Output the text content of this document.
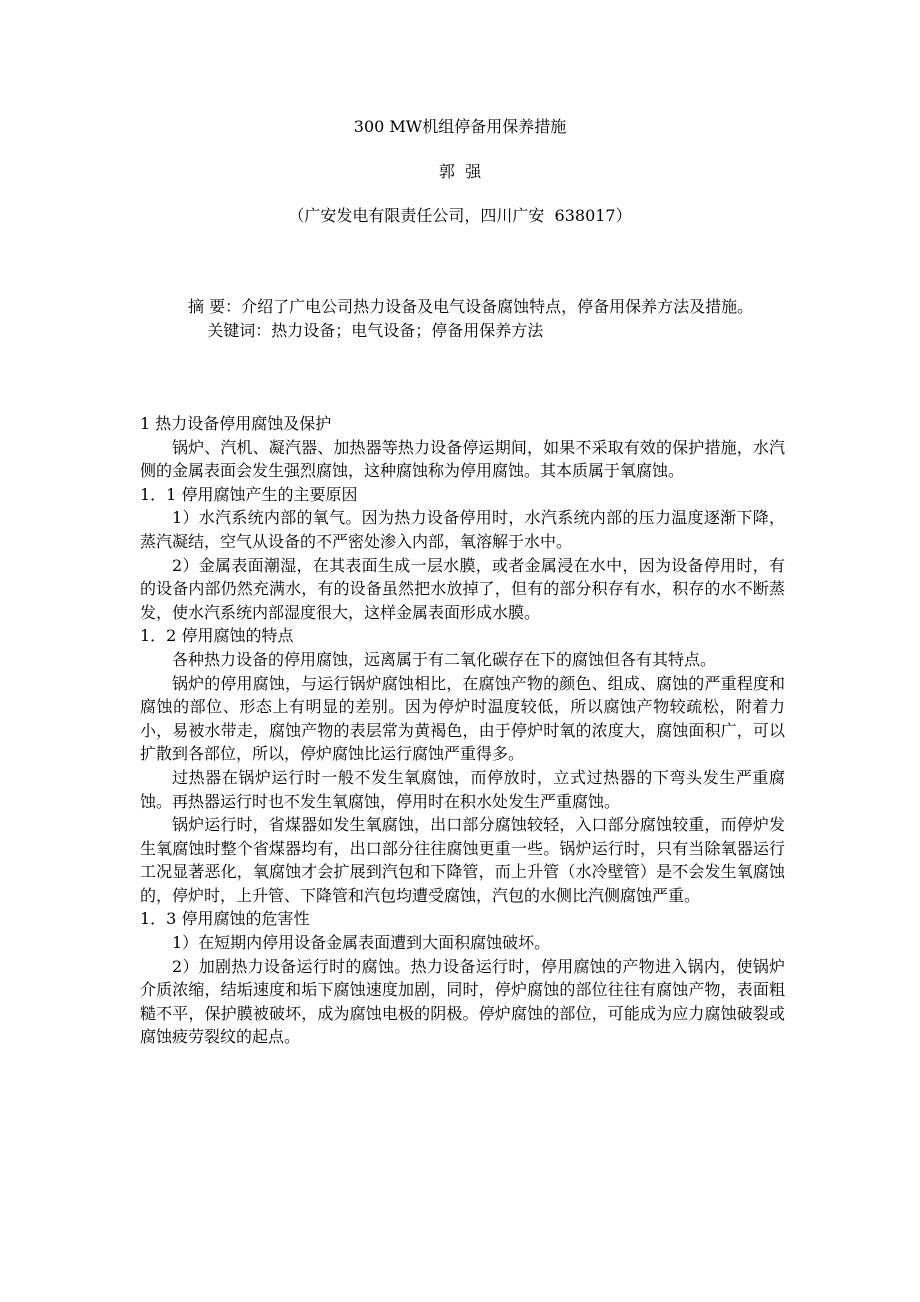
300 MW机组停备用保养措施
郭  强
（广安发电有限责任公司，四川广安  638017）

摘 要：介绍了广电公司热力设备及电气设备腐蚀特点，停备用保养方法及措施。

关键词：热力设备；电气设备；停备用保养方法

1 热力设备停用腐蚀及保护

锅炉、汽机、凝汽器、加热器等热力设备停运期间，如果不采取有效的保护措施，水汽侧的金属表面会发生强烈腐蚀，这种腐蚀称为停用腐蚀。其本质属于氧腐蚀。

1．1 停用腐蚀产生的主要原因

1）水汽系统内部的氧气。因为热力设备停用时，水汽系统内部的压力温度逐渐下降，蒸汽凝结，空气从设备的不严密处渗入内部，氧溶解于水中。

2）金属表面潮湿，在其表面生成一层水膜，或者金属浸在水中，因为设备停用时，有的设备内部仍然充满水，有的设备虽然把水放掉了，但有的部分积存有水，积存的水不断蒸发，使水汽系统内部湿度很大，这样金属表面形成水膜。

1．2 停用腐蚀的特点

各种热力设备的停用腐蚀，远离属于有二氧化碳存在下的腐蚀但各有其特点。

锅炉的停用腐蚀，与运行锅炉腐蚀相比，在腐蚀产物的颜色、组成、腐蚀的严重程度和腐蚀的部位、形态上有明显的差别。因为停炉时温度较低，所以腐蚀产物较疏松，附着力小，易被水带走，腐蚀产物的表层常为黄褐色，由于停炉时氧的浓度大，腐蚀面积广，可以扩散到各部位，所以，停炉腐蚀比运行腐蚀严重得多。

过热器在锅炉运行时一般不发生氧腐蚀，而停放时，立式过热器的下弯头发生严重腐蚀。再热器运行时也不发生氧腐蚀，停用时在积水处发生严重腐蚀。

锅炉运行时，省煤器如发生氧腐蚀，出口部分腐蚀较轻，入口部分腐蚀较重，而停炉发生氧腐蚀时整个省煤器均有，出口部分往往腐蚀更重一些。锅炉运行时，只有当除氧器运行工况显著恶化，氧腐蚀才会扩展到汽包和下降管，而上升管（水冷壁管）是不会发生氧腐蚀的，停炉时，上升管、下降管和汽包均遭受腐蚀，汽包的水侧比汽侧腐蚀严重。

1．3 停用腐蚀的危害性

1）在短期内停用设备金属表面遭到大面积腐蚀破坏。

2）加剧热力设备运行时的腐蚀。热力设备运行时，停用腐蚀的产物进入锅内，使锅炉介质浓缩，结垢速度和垢下腐蚀速度加剧，同时，停炉腐蚀的部位往往有腐蚀产物，表面粗糙不平，保护膜被破坏，成为腐蚀电极的阴极。停炉腐蚀的部位，可能成为应力腐蚀破裂或腐蚀疲劳裂纹的起点。
